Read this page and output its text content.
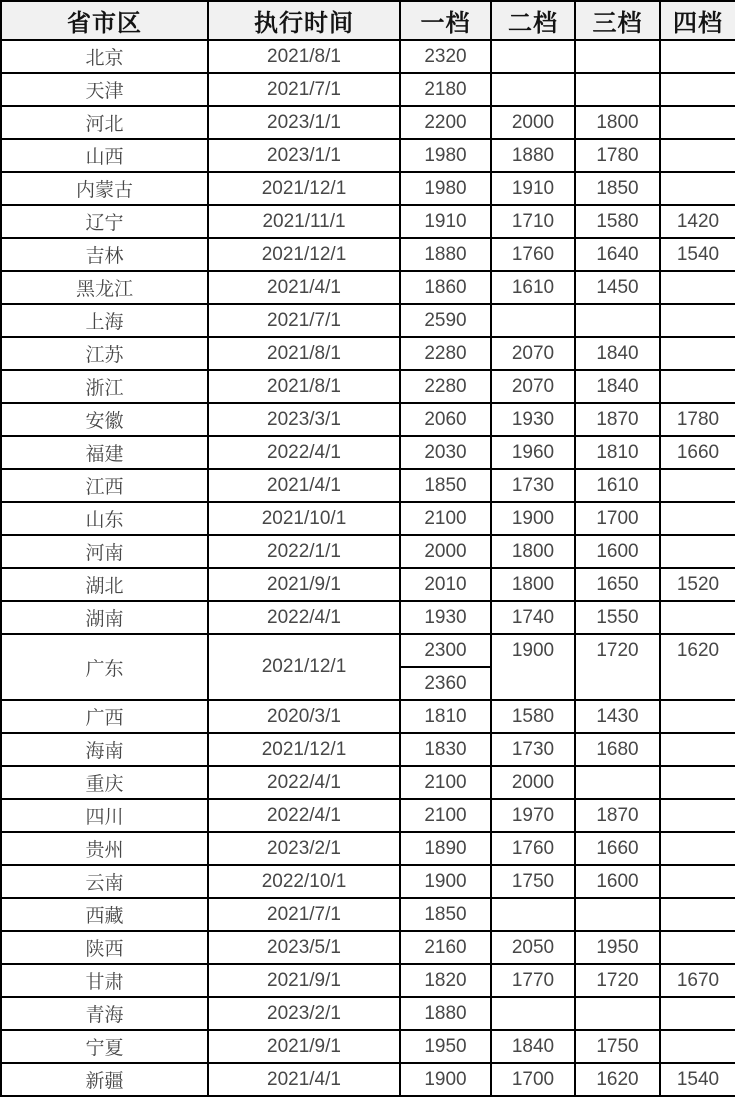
省市区	执行时间	一档	二档	三档	四档
北京	2021/8/1	2320			
天津	2021/7/1	2180			
河北	2023/1/1	2200	2000	1800	
山西	2023/1/1	1980	1880	1780	
内蒙古	2021/12/1	1980	1910	1850	
辽宁	2021/11/1	1910	1710	1580	1420
吉林	2021/12/1	1880	1760	1640	1540
黑龙江	2021/4/1	1860	1610	1450	
上海	2021/7/1	2590			
江苏	2021/8/1	2280	2070	1840	
浙江	2021/8/1	2280	2070	1840	
安徽	2023/3/1	2060	1930	1870	1780
福建	2022/4/1	2030	1960	1810	1660
江西	2021/4/1	1850	1730	1610	
山东	2021/10/1	2100	1900	1700	
河南	2022/1/1	2000	1800	1600	
湖北	2021/9/1	2010	1800	1650	1520
湖南	2022/4/1	1930	1740	1550	
广东	2021/12/1	2300	1900	1720	1620
		2360			
广西	2020/3/1	1810	1580	1430	
海南	2021/12/1	1830	1730	1680	
重庆	2022/4/1	2100	2000		
四川	2022/4/1	2100	1970	1870	
贵州	2023/2/1	1890	1760	1660	
云南	2022/10/1	1900	1750	1600	
西藏	2021/7/1	1850			
陕西	2023/5/1	2160	2050	1950	
甘肃	2021/9/1	1820	1770	1720	1670
青海	2023/2/1	1880			
宁夏	2021/9/1	1950	1840	1750	
新疆	2021/4/1	1900	1700	1620	1540
